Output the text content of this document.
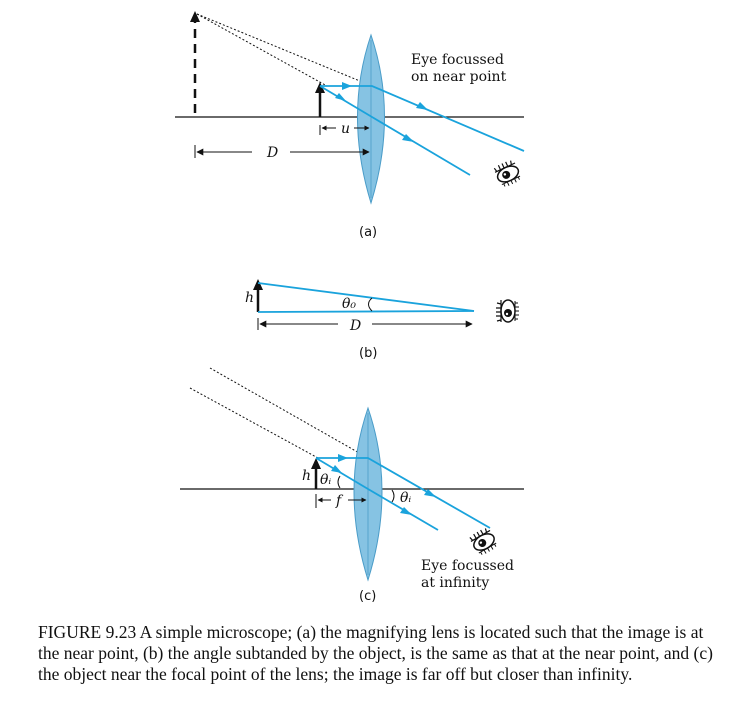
u
D
Eye focussed
on near point
(a)
θ₀
h
D
(b)
h θᵢ
θᵢ
f
Eye focussed
at infinity
(c)

FIGURE 9.23 A simple microscope; (a) the magnifying lens is located such that the image is at the near point, (b) the angle subtanded by the object, is the same as that at the near point, and (c) the object near the focal point of the lens; the image is far off but closer than infinity.
